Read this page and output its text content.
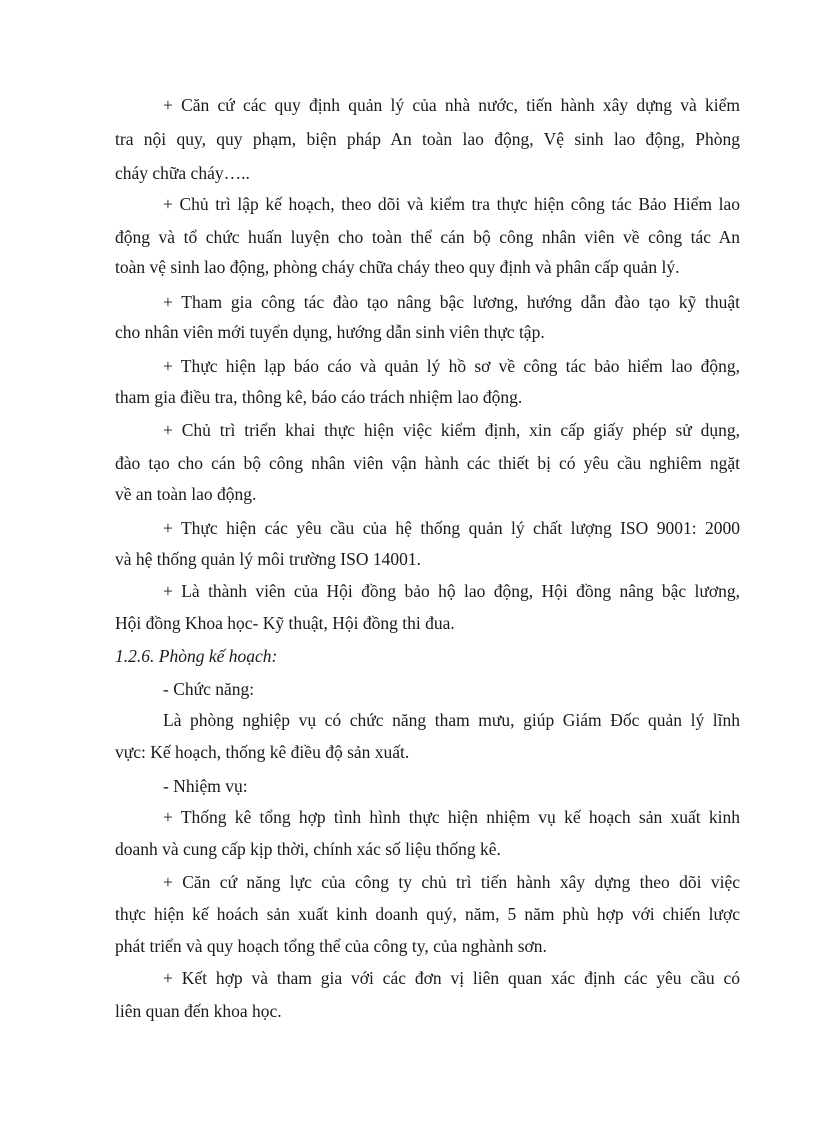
+ Căn cứ các quy định quản lý của nhà nước, tiến hành xây dựng và kiểm
tra nội quy, quy phạm, biện pháp An toàn lao động, Vệ sinh lao động, Phòng
cháy chữa cháy…..
+ Chủ trì lập kế hoạch, theo dõi và kiểm tra thực hiện công tác Bảo Hiểm lao
động và tổ chức huấn luyện cho toàn thể cán bộ công nhân viên về công tác An
toàn vệ sinh lao động, phòng cháy chữa cháy theo quy định và phân cấp quản lý.
+ Tham gia công tác đào tạo nâng bậc lương, hướng dẫn đào tạo kỹ thuật
cho nhân viên mới tuyển dụng, hướng dẫn sinh viên thực tập.
+ Thực hiện lạp báo cáo và quản lý hồ sơ về công tác bảo hiểm lao động,
tham gia điều tra, thông kê, báo cáo trách nhiệm lao động.
+ Chủ trì triển khai thực hiện việc kiểm định, xin cấp giấy phép sử dụng,
đào tạo cho cán bộ công nhân viên vận hành các thiết bị có yêu cầu nghiêm ngặt
về an toàn lao động.
+ Thực hiện các yêu cầu của hệ thống quản lý chất lượng ISO 9001: 2000
và hệ thống quản lý môi trường ISO 14001.
+ Là thành viên của Hội đồng bảo hộ lao động, Hội đồng nâng bậc lương,
Hội đồng Khoa học- Kỹ thuật, Hội đồng thi đua.
1.2.6. Phòng kế hoạch:
- Chức năng:
Là phòng nghiệp vụ có chức năng tham mưu, giúp Giám Đốc quản lý lĩnh
vực: Kế hoạch, thống kê điều độ sản xuất.
- Nhiệm vụ:
+ Thống kê tổng hợp tình hình thực hiện nhiệm vụ kế hoạch sản xuất kinh
doanh và cung cấp kịp thời, chính xác số liệu thống kê.
+ Căn cứ năng lực của công ty chủ trì tiến hành xây dựng theo dõi việc
thực hiện kế hoách sản xuất kinh doanh quý, năm, 5 năm phù hợp với chiến lược
phát triển và quy hoạch tổng thể của công ty, của nghành sơn.
+ Kết hợp và tham gia với các đơn vị liên quan xác định các yêu cầu có
liên quan đến khoa học.
